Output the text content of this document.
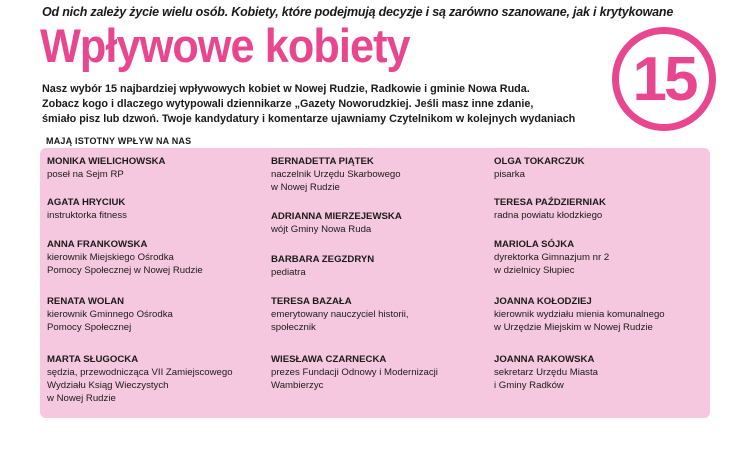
Od nich zależy życie wielu osób. Kobiety, które podejmują decyzje i są zarówno szanowane, jak i krytykowane
Wpływowe kobiety	15
Nasz wybór 15 najbardziej wpływowych kobiet w Nowej Rudzie, Radkowie i gminie Nowa Ruda.
Zobacz kogo i dlaczego wytypowali dziennikarze „Gazety Noworudzkiej. Jeśli masz inne zdanie,
śmiało pisz lub dzwoń. Twoje kandydatury i komentarze ujawniamy Czytelnikom w kolejnych wydaniach
MAJĄ ISTOTNY WPŁYW NA NAS
MONIKA WIELICHOWSKA
poseł na Sejm RP
AGATA HRYCIUK
instruktorka fitness
ANNA FRANKOWSKA
kierownik Miejskiego Ośrodka
Pomocy Społecznej w Nowej Rudzie
RENATA WOLAN
kierownik Gminnego Ośrodka
Pomocy Społecznej
MARTA SŁUGOCKA
sędzia, przewodnicząca VII Zamiejscowego
Wydziału Ksiąg Wieczystych
w Nowej Rudzie
BERNADETTA PIĄTEK
naczelnik Urzędu Skarbowego
w Nowej Rudzie
ADRIANNA MIERZEJEWSKA
wójt Gminy Nowa Ruda
BARBARA ZEGZDRYN
pediatra
TERESA BAZAŁA
emerytowany nauczyciel historii,
społecznik
WIESŁAWA CZARNECKA
prezes Fundacji Odnowy i Modernizacji
Wambierzyc
OLGA TOKARCZUK
pisarka
TERESA PAŹDZIERNIAK
radna powiatu kłodzkiego
MARIOLA SÓJKA
dyrektorka Gimnazjum nr 2
w dzielnicy Słupiec
JOANNA KOŁODZIEJ
kierownik wydziału mienia komunalnego
w Urzędzie Miejskim w Nowej Rudzie
JOANNA RAKOWSKA
sekretarz Urzędu Miasta
i Gminy Radków
